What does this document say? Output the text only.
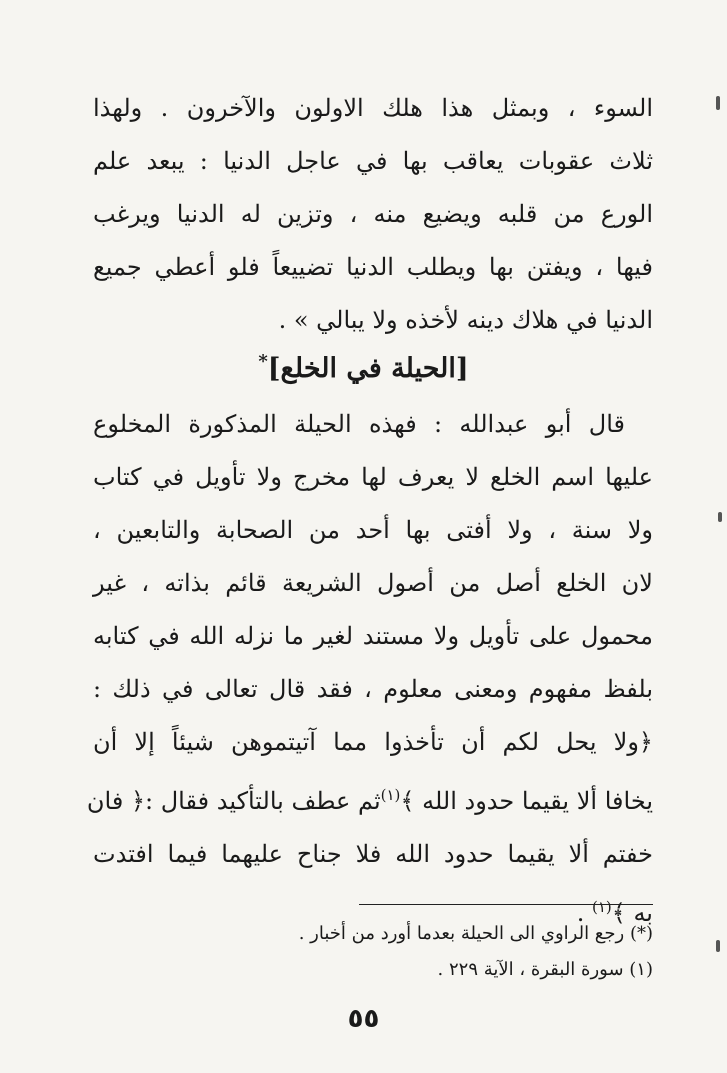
السوء ، وبمثل هذا هلك الاولون والآخرون . ولهذا
ثلاث عقوبات يعاقب بها في عاجل الدنيا : يبعد علم
الورع من قلبه ويضيع منه ، وتزين له الدنيا ويرغب
فيها ، ويفتن بها ويطلب الدنيا تضييعاً فلو أعطي جميع
الدنيا في هلاك دينه لأخذه ولا يبالي » .
[الحيلة في الخلع]*
قال أبو عبدالله : فهذه الحيلة المذكورة المخلوع
عليها اسم الخلع لا يعرف لها مخرج ولا تأويل في كتاب
ولا سنة ، ولا أفتى بها أحد من الصحابة والتابعين ،
لان الخلع أصل من أصول الشريعة قائم بذاته ، غير
محمول على تأويل ولا مستند لغير ما نزله الله في كتابه
بلفظ مفهوم ومعنى معلوم ، فقد قال تعالى في ذلك :
﴿ولا يحل لكم أن تأخذوا مما آتيتموهن شيئاً إلا أن
يخافا ألا يقيما حدود الله ﴾$^{(١)}$ثم عطف بالتأكيد فقال :﴿ فان
خفتم ألا يقيما حدود الله فلا جناح عليهما فيما افتدت
به ﴾$^{(١)}$ .
(*) رجع الراوي الى الحيلة بعدما أورد من أخبار .
(١) سورة البقرة ، الآية ٢٢٩ .
٥٥
